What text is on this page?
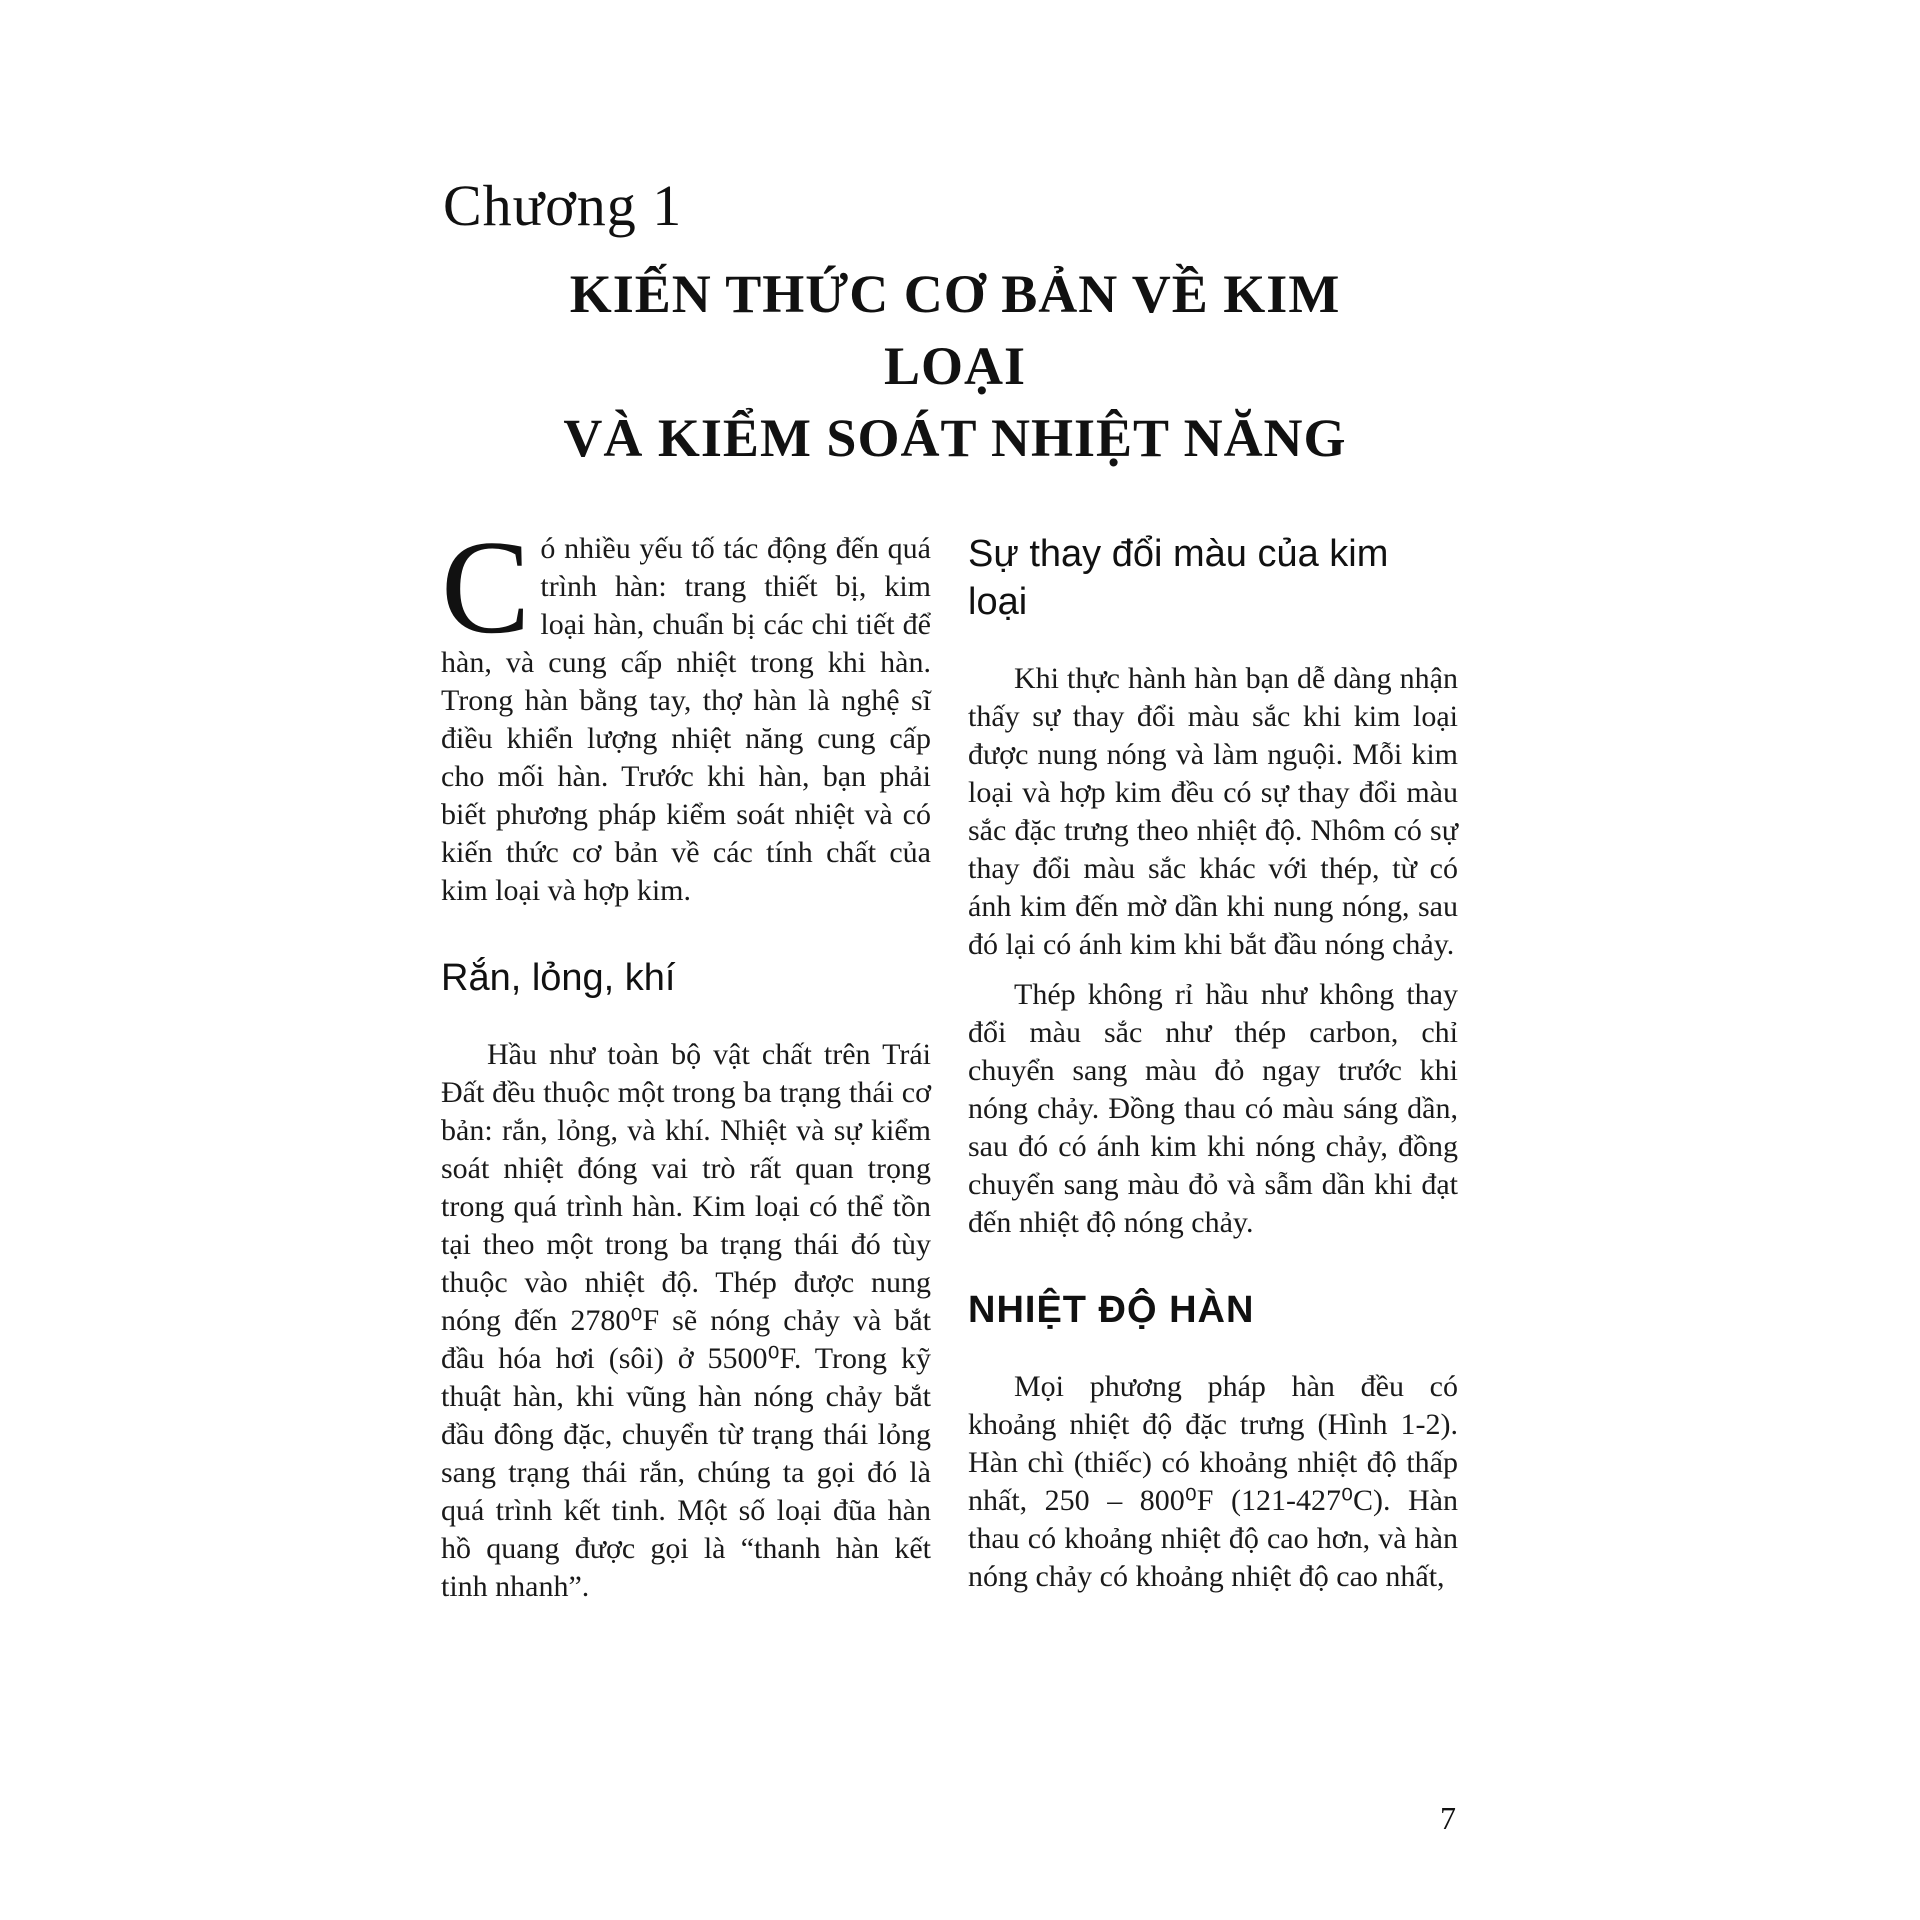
Chương 1
KIẾN THỨC CƠ BẢN VỀ KIM LOẠI
VÀ KIỂM SOÁT NHIỆT NĂNG

Có nhiều yếu tố tác động đến quá trình hàn: trang thiết bị, kim loại hàn, chuẩn bị các chi tiết để hàn, và cung cấp nhiệt trong khi hàn. Trong hàn bằng tay, thợ hàn là nghệ sĩ điều khiển lượng nhiệt năng cung cấp cho mối hàn. Trước khi hàn, bạn phải biết phương pháp kiểm soát nhiệt và có kiến thức cơ bản về các tính chất của kim loại và hợp kim.

Rắn, lỏng, khí

Hầu như toàn bộ vật chất trên Trái Đất đều thuộc một trong ba trạng thái cơ bản: rắn, lỏng, và khí. Nhiệt và sự kiểm soát nhiệt đóng vai trò rất quan trọng trong quá trình hàn. Kim loại có thể tồn tại theo một trong ba trạng thái đó tùy thuộc vào nhiệt độ. Thép được nung nóng đến 2780⁰F sẽ nóng chảy và bắt đầu hóa hơi (sôi) ở 5500⁰F. Trong kỹ thuật hàn, khi vũng hàn nóng chảy bắt đầu đông đặc, chuyển từ trạng thái lỏng sang trạng thái rắn, chúng ta gọi đó là quá trình kết tinh. Một số loại đũa hàn hồ quang được gọi là “thanh hàn kết tinh nhanh”.

Sự thay đổi màu của kim loại

Khi thực hành hàn bạn dễ dàng nhận thấy sự thay đổi màu sắc khi kim loại được nung nóng và làm nguội. Mỗi kim loại và hợp kim đều có sự thay đổi màu sắc đặc trưng theo nhiệt độ. Nhôm có sự thay đổi màu sắc khác với thép, từ có ánh kim đến mờ dần khi nung nóng, sau đó lại có ánh kim khi bắt đầu nóng chảy.

Thép không rỉ hầu như không thay đổi màu sắc như thép carbon, chỉ chuyển sang màu đỏ ngay trước khi nóng chảy. Đồng thau có màu sáng dần, sau đó có ánh kim khi nóng chảy, đồng chuyển sang màu đỏ và sẫm dần khi đạt đến nhiệt độ nóng chảy.

NHIỆT ĐỘ HÀN

Mọi phương pháp hàn đều có khoảng nhiệt độ đặc trưng (Hình 1-2). Hàn chì (thiếc) có khoảng nhiệt độ thấp nhất, 250 – 800⁰F (121-427⁰C). Hàn thau có khoảng nhiệt độ cao hơn, và hàn nóng chảy có khoảng nhiệt độ cao nhất,

7
